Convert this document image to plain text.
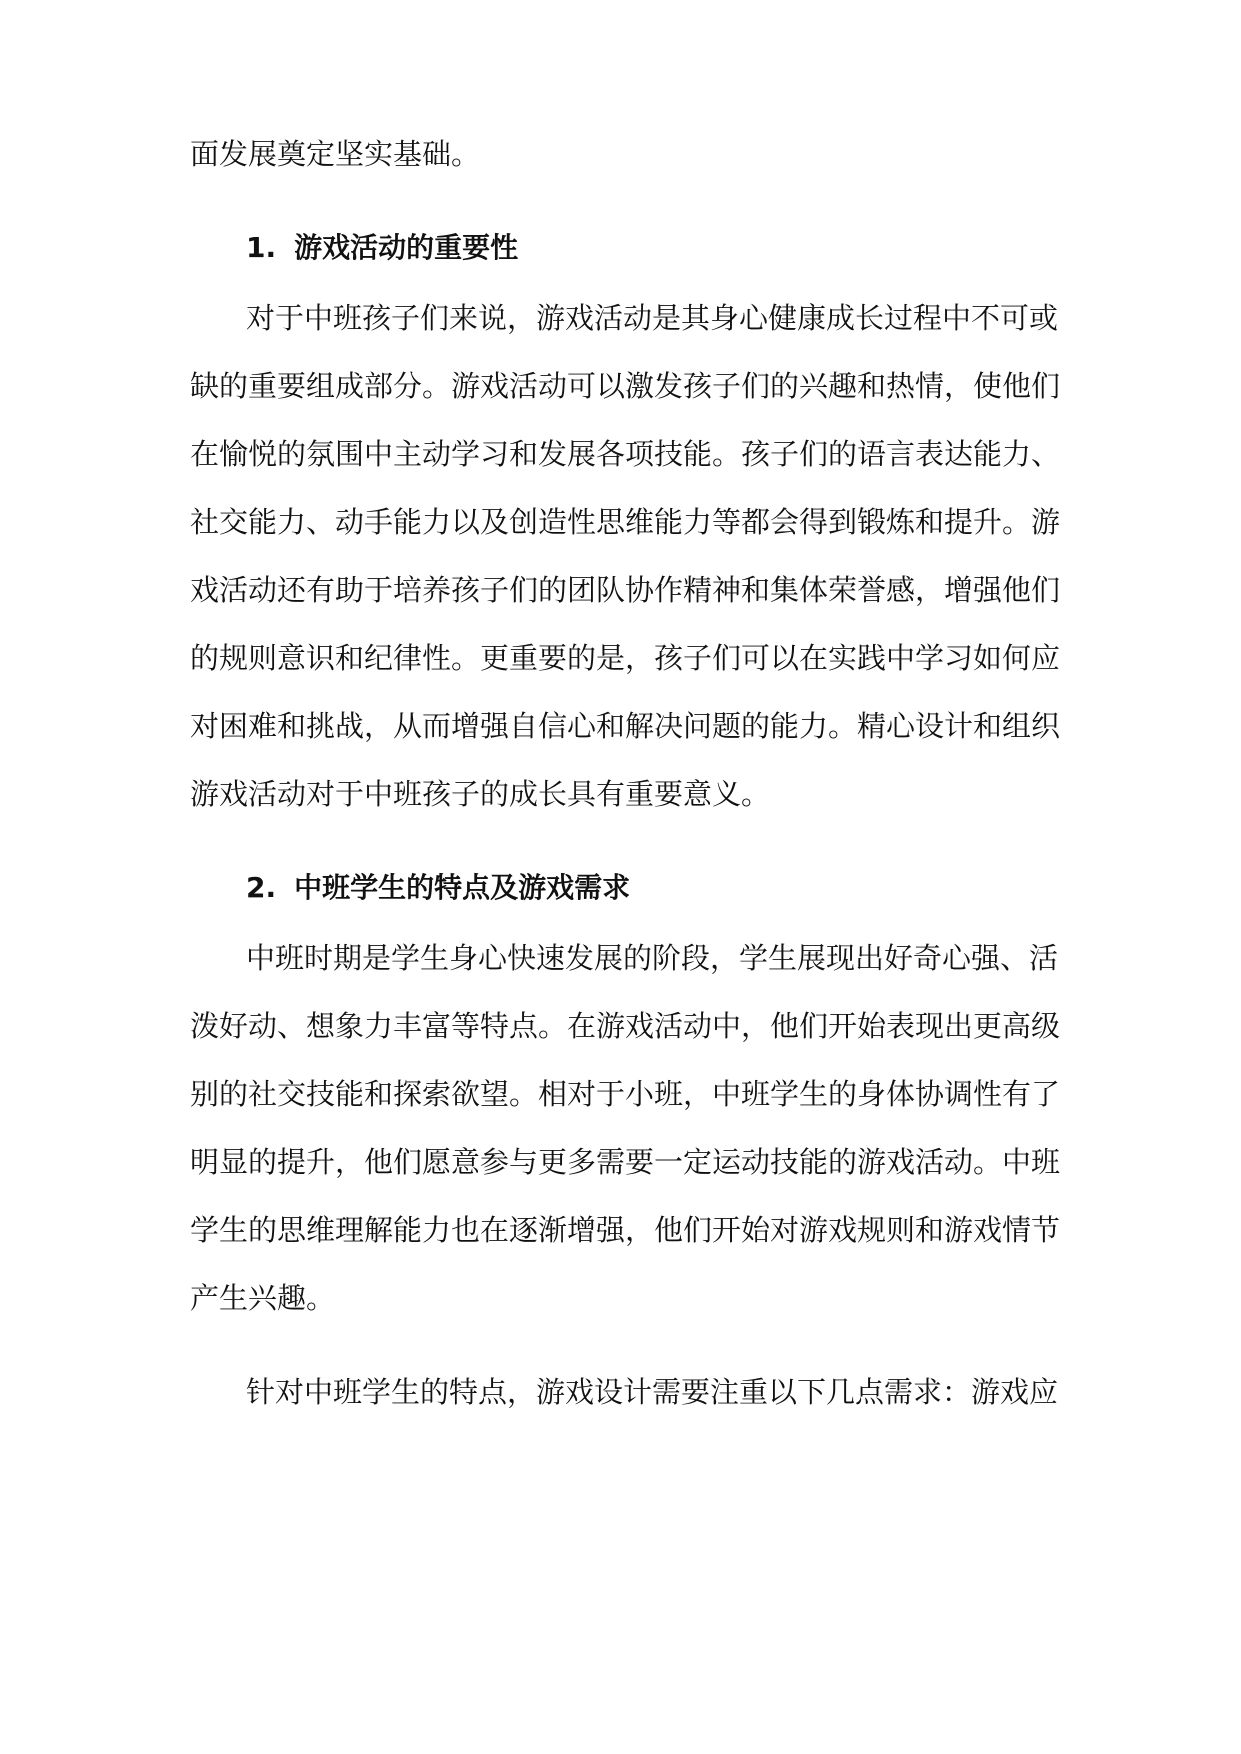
面发展奠定坚实基础。

1. 游戏活动的重要性

对于中班孩子们来说，游戏活动是其身心健康成长过程中不可或

缺的重要组成部分。游戏活动可以激发孩子们的兴趣和热情，使他们

在愉悦的氛围中主动学习和发展各项技能。孩子们的语言表达能力、

社交能力、动手能力以及创造性思维能力等都会得到锻炼和提升。游

戏活动还有助于培养孩子们的团队协作精神和集体荣誉感，增强他们

的规则意识和纪律性。更重要的是，孩子们可以在实践中学习如何应

对困难和挑战，从而增强自信心和解决问题的能力。精心设计和组织

游戏活动对于中班孩子的成长具有重要意义。

2. 中班学生的特点及游戏需求

中班时期是学生身心快速发展的阶段，学生展现出好奇心强、活

泼好动、想象力丰富等特点。在游戏活动中，他们开始表现出更高级

别的社交技能和探索欲望。相对于小班，中班学生的身体协调性有了

明显的提升，他们愿意参与更多需要一定运动技能的游戏活动。中班

学生的思维理解能力也在逐渐增强，他们开始对游戏规则和游戏情节

产生兴趣。

针对中班学生的特点，游戏设计需要注重以下几点需求：游戏应
